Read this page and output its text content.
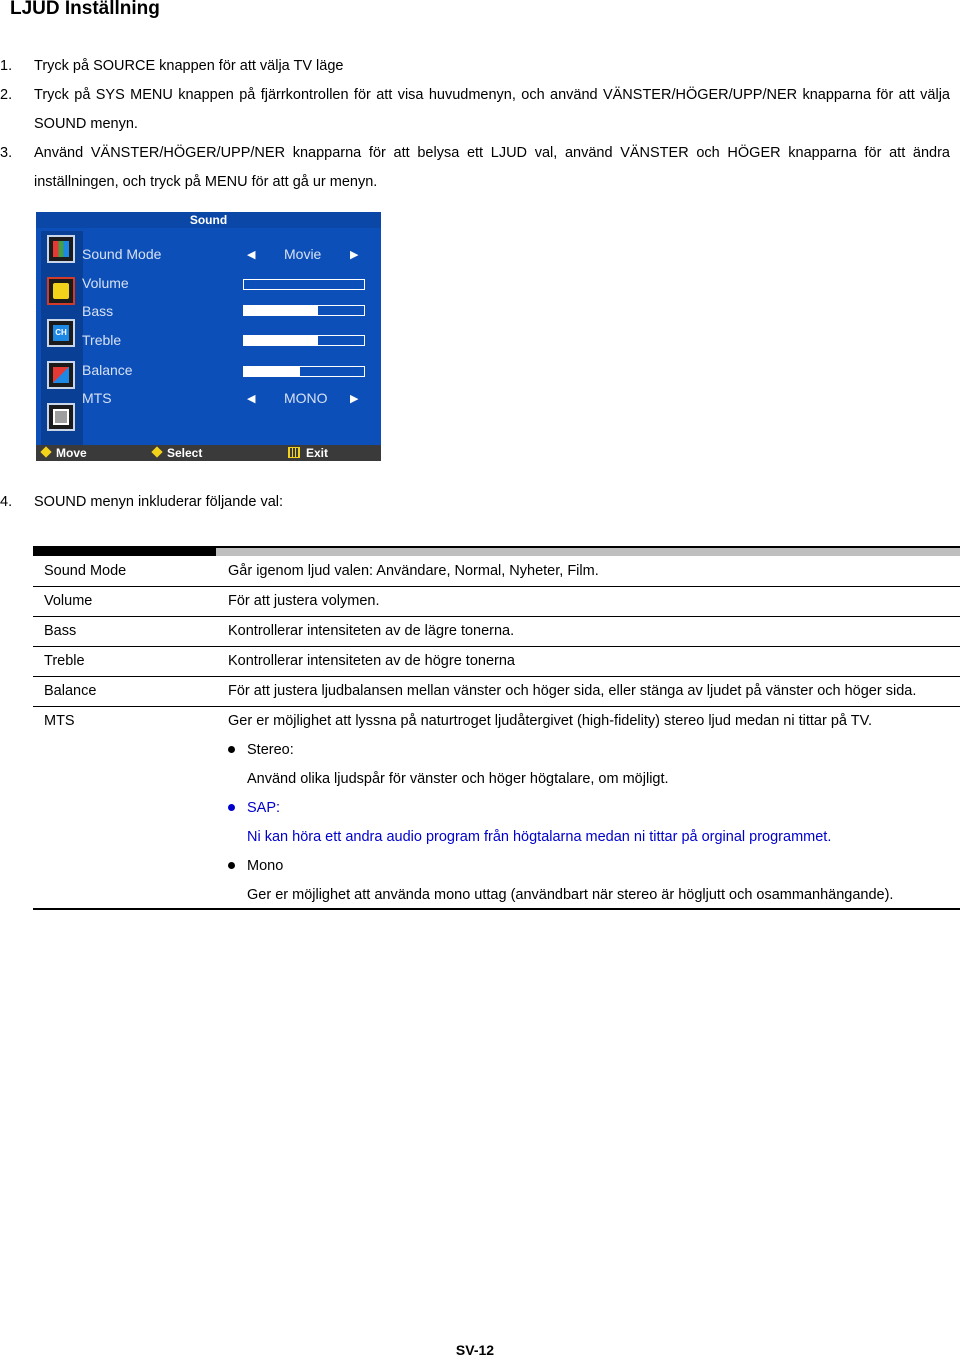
LJUD Inställning
1. Tryck på SOURCE knappen för att välja TV läge
2. Tryck på SYS MENU knappen på fjärrkontrollen för att visa huvudmenyn, och använd VÄNSTER/HÖGER/UPP/NER knapparna för att välja
SOUND menyn.
3. Använd VÄNSTER/HÖGER/UPP/NER knapparna för att belysa ett LJUD val, använd VÄNSTER och HÖGER knapparna för att ändra
inställningen, och tryck på MENU för att gå ur menyn.
Sound
CH
Sound Mode	◀ Movie	▶
Volume
Bass
Treble
Balance
MTS	◀ MONO ▶
Move	Select	Exit
4. SOUND menyn inkluderar följande val:
Sound Mode	Går igenom ljud valen: Användare, Normal, Nyheter, Film.
Volume	För att justera volymen.
Bass	Kontrollerar intensiteten av de lägre tonerna.
Treble	Kontrollerar intensiteten av de högre tonerna
Balance	För att justera ljudbalansen mellan vänster och höger sida, eller stänga av ljudet på vänster och höger sida.
MTS	Ger er möjlighet att lyssna på naturtroget ljudåtergivet (high-fidelity) stereo ljud medan ni tittar på TV.
Stereo:
Använd olika ljudspår för vänster och höger högtalare, om möjligt.
SAP:
Ni kan höra ett andra audio program från högtalarna medan ni tittar på orginal programmet.
Mono
Ger er möjlighet att använda mono uttag (användbart när stereo är högljutt och osammanhängande).
SV-12
